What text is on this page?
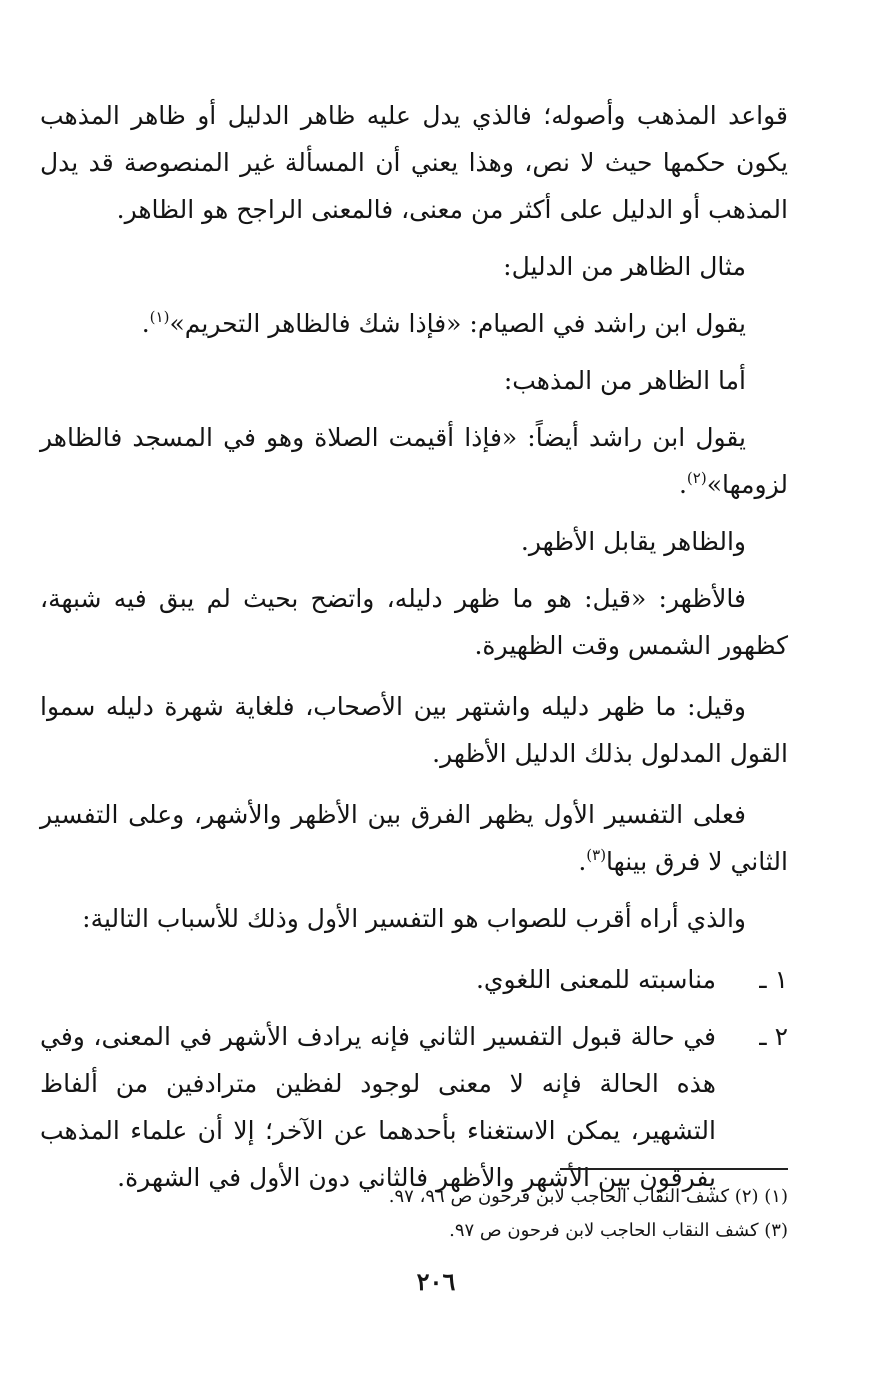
قواعد المذهب وأصوله؛ فالذي يدل عليه ظاهر الدليل أو ظاهر المذهب يكون حكمها حيث لا نص، وهذا يعني أن المسألة غير المنصوصة قد يدل المذهب أو الدليل على أكثر من معنى، فالمعنى الراجح هو الظاهر.

مثال الظاهر من الدليل:

يقول ابن راشد في الصيام: «فإذا شك فالظاهر التحريم»$^{(١)}$.

أما الظاهر من المذهب:

يقول ابن راشد أيضاً: «فإذا أقيمت الصلاة وهو في المسجد فالظاهر لزومها»$^{(٢)}$.

والظاهر يقابل الأظهر.

فالأظهر: «قيل: هو ما ظهر دليله، واتضح بحيث لم يبق فيه شبهة، كظهور الشمس وقت الظهيرة.

وقيل: ما ظهر دليله واشتهر بين الأصحاب، فلغاية شهرة دليله سموا القول المدلول بذلك الدليل الأظهر.

فعلى التفسير الأول يظهر الفرق بين الأظهر والأشهر، وعلى التفسير الثاني لا فرق بينها$^{(٣)}$.

والذي أراه أقرب للصواب هو التفسير الأول وذلك للأسباب التالية:

١ ـ
مناسبته للمعنى اللغوي.
٢ ـ
في حالة قبول التفسير الثاني فإنه يرادف الأشهر في المعنى، وفي هذه الحالة فإنه لا معنى لوجود لفظين مترادفين من ألفاظ التشهير، يمكن الاستغناء بأحدهما عن الآخر؛ إلا أن علماء المذهب يفرقون بين الأشهر والأظهر فالثاني دون الأول في الشهرة.

(١) (٢) كشف النقاب الحاجب لابن فرحون ص ٩٦، ٩٧.

(٣) كشف النقاب الحاجب لابن فرحون ص ٩٧.

٢٠٦
